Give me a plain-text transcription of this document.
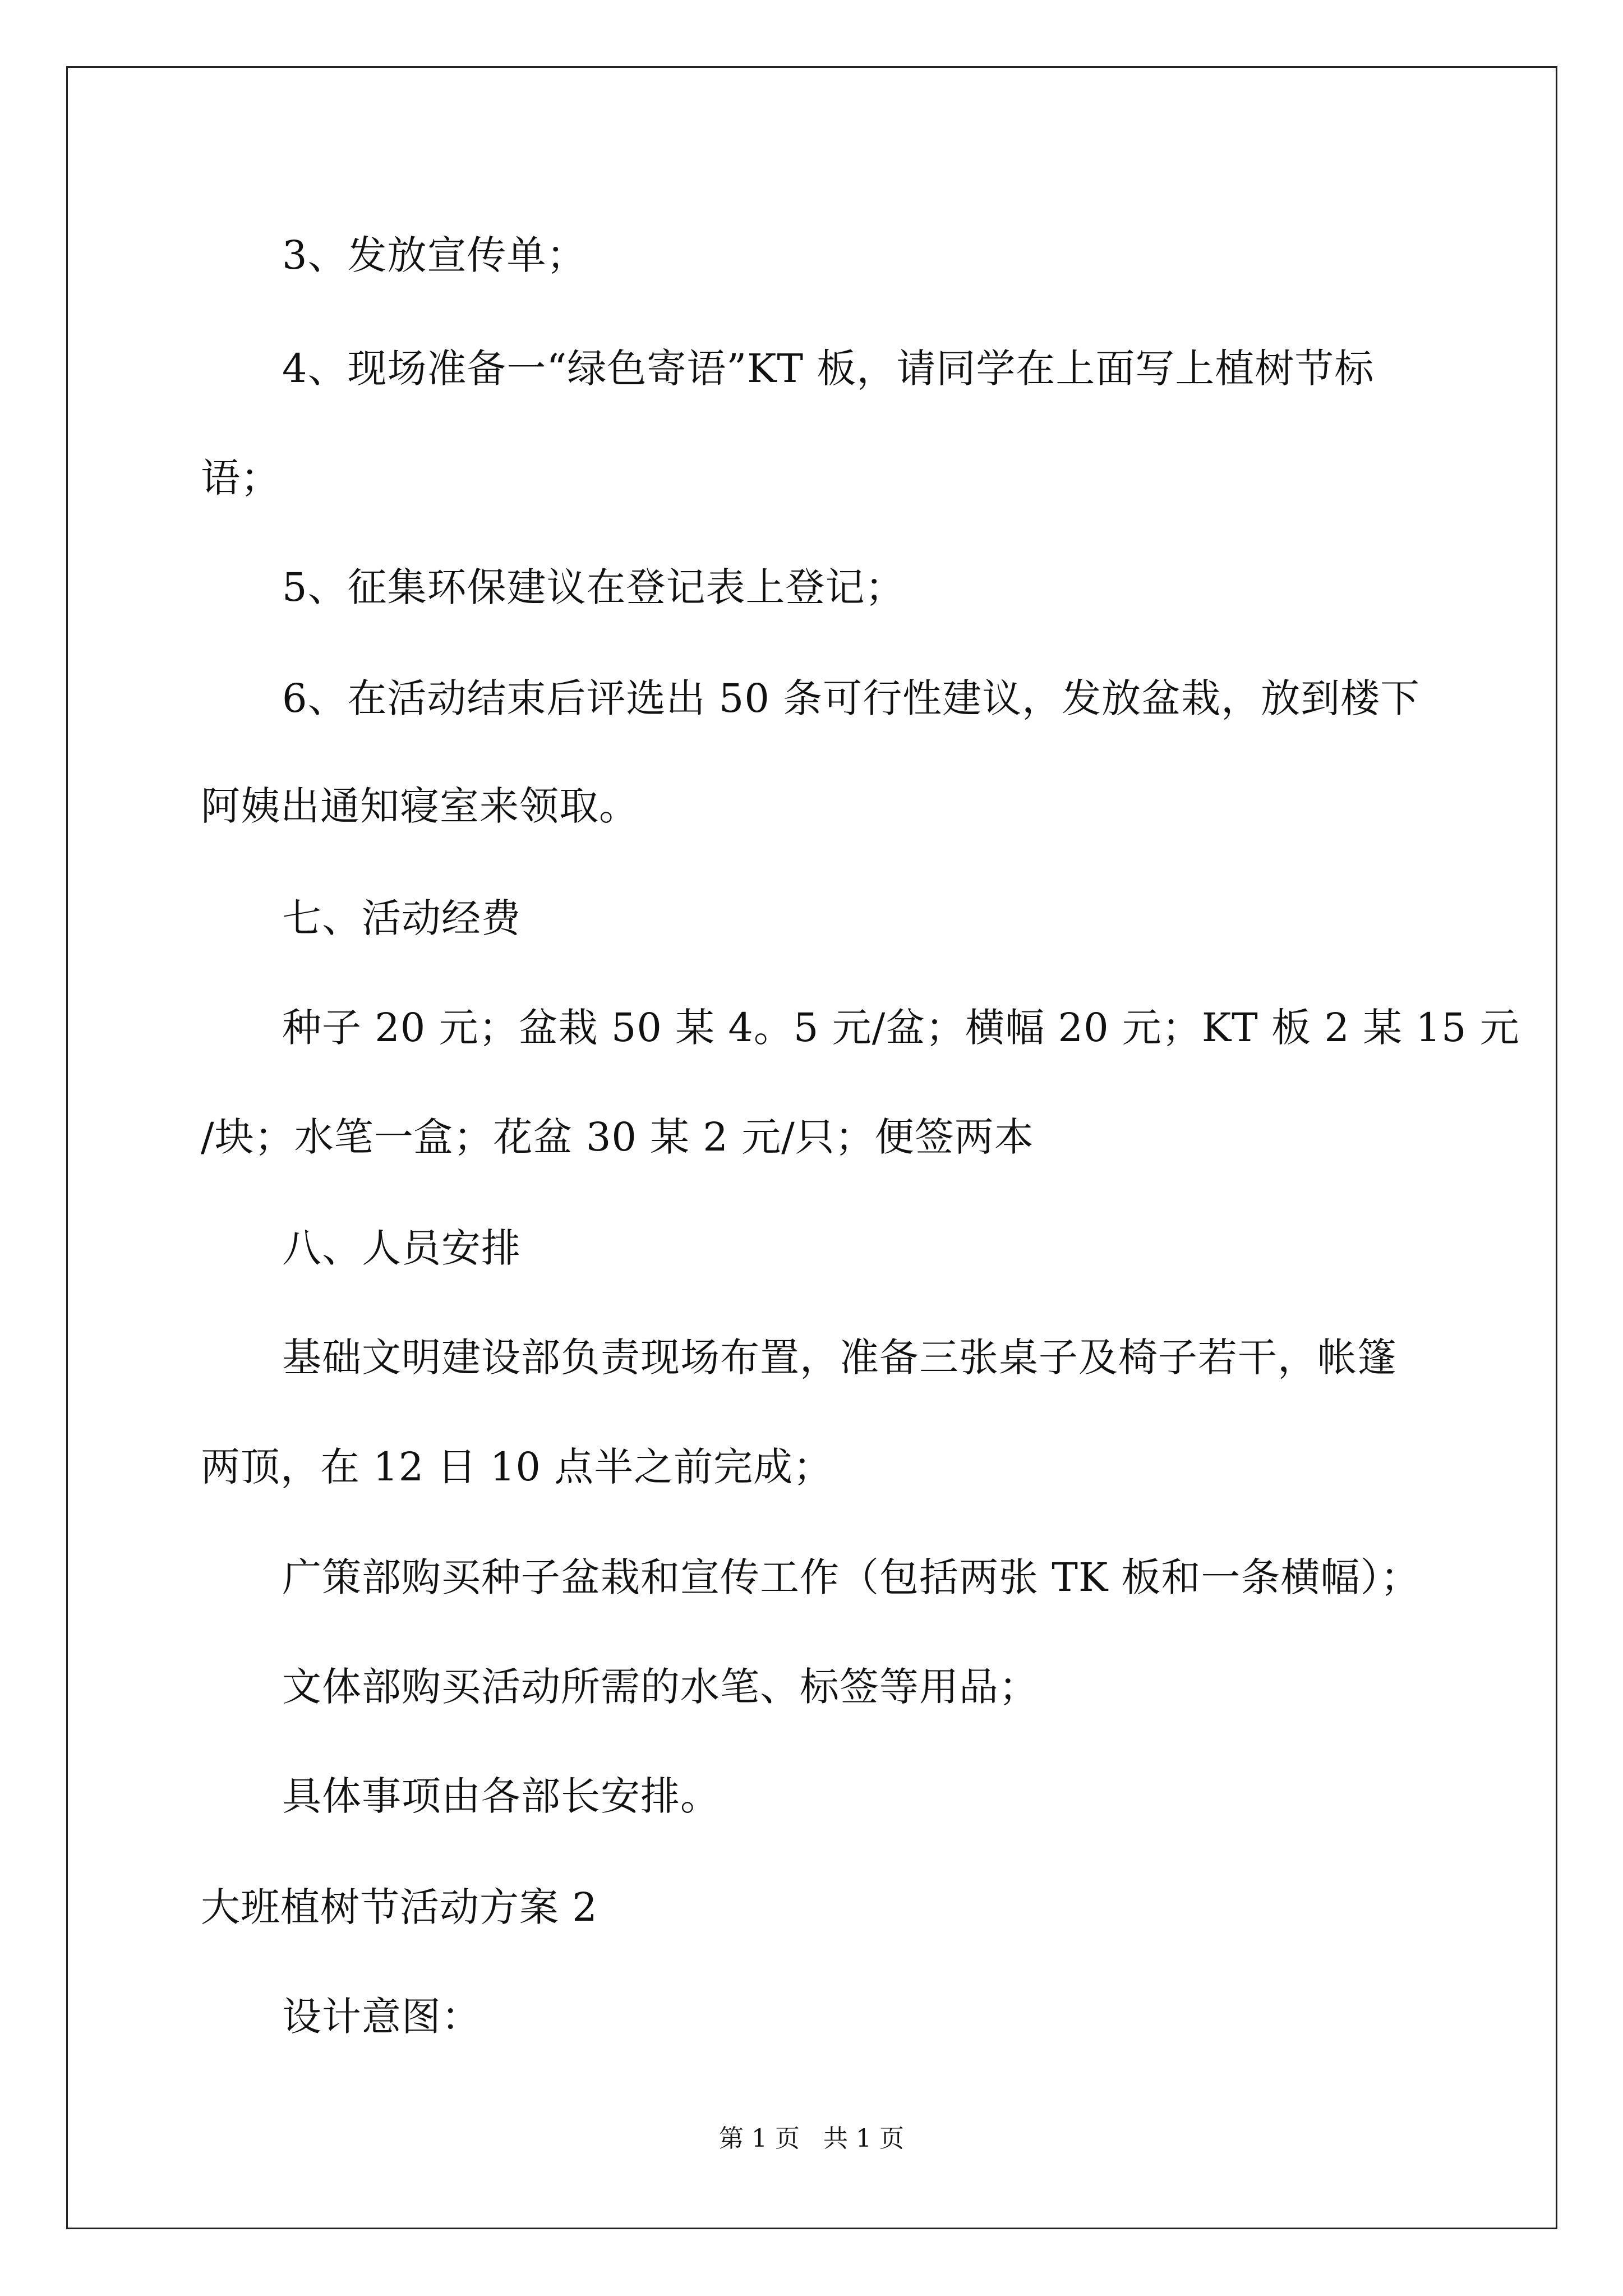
3、发放宣传单；
4、现场准备一“绿色寄语”KT 板，请同学在上面写上植树节标
语；
5、征集环保建议在登记表上登记；
6、在活动结束后评选出 50 条可行性建议，发放盆栽，放到楼下
阿姨出通知寝室来领取。
七、活动经费
种子 20 元；盆栽 50 某 4。5 元/盆；横幅 20 元；KT 板 2 某 15 元
/块；水笔一盒；花盆 30 某 2 元/只；便签两本
八、人员安排
基础文明建设部负责现场布置，准备三张桌子及椅子若干，帐篷
两顶，在 12 日 10 点半之前完成；
广策部购买种子盆栽和宣传工作（包括两张 TK 板和一条横幅）；
文体部购买活动所需的水笔、标签等用品；
具体事项由各部长安排。
大班植树节活动方案 2
设计意图：
第 1 页   共 1 页
